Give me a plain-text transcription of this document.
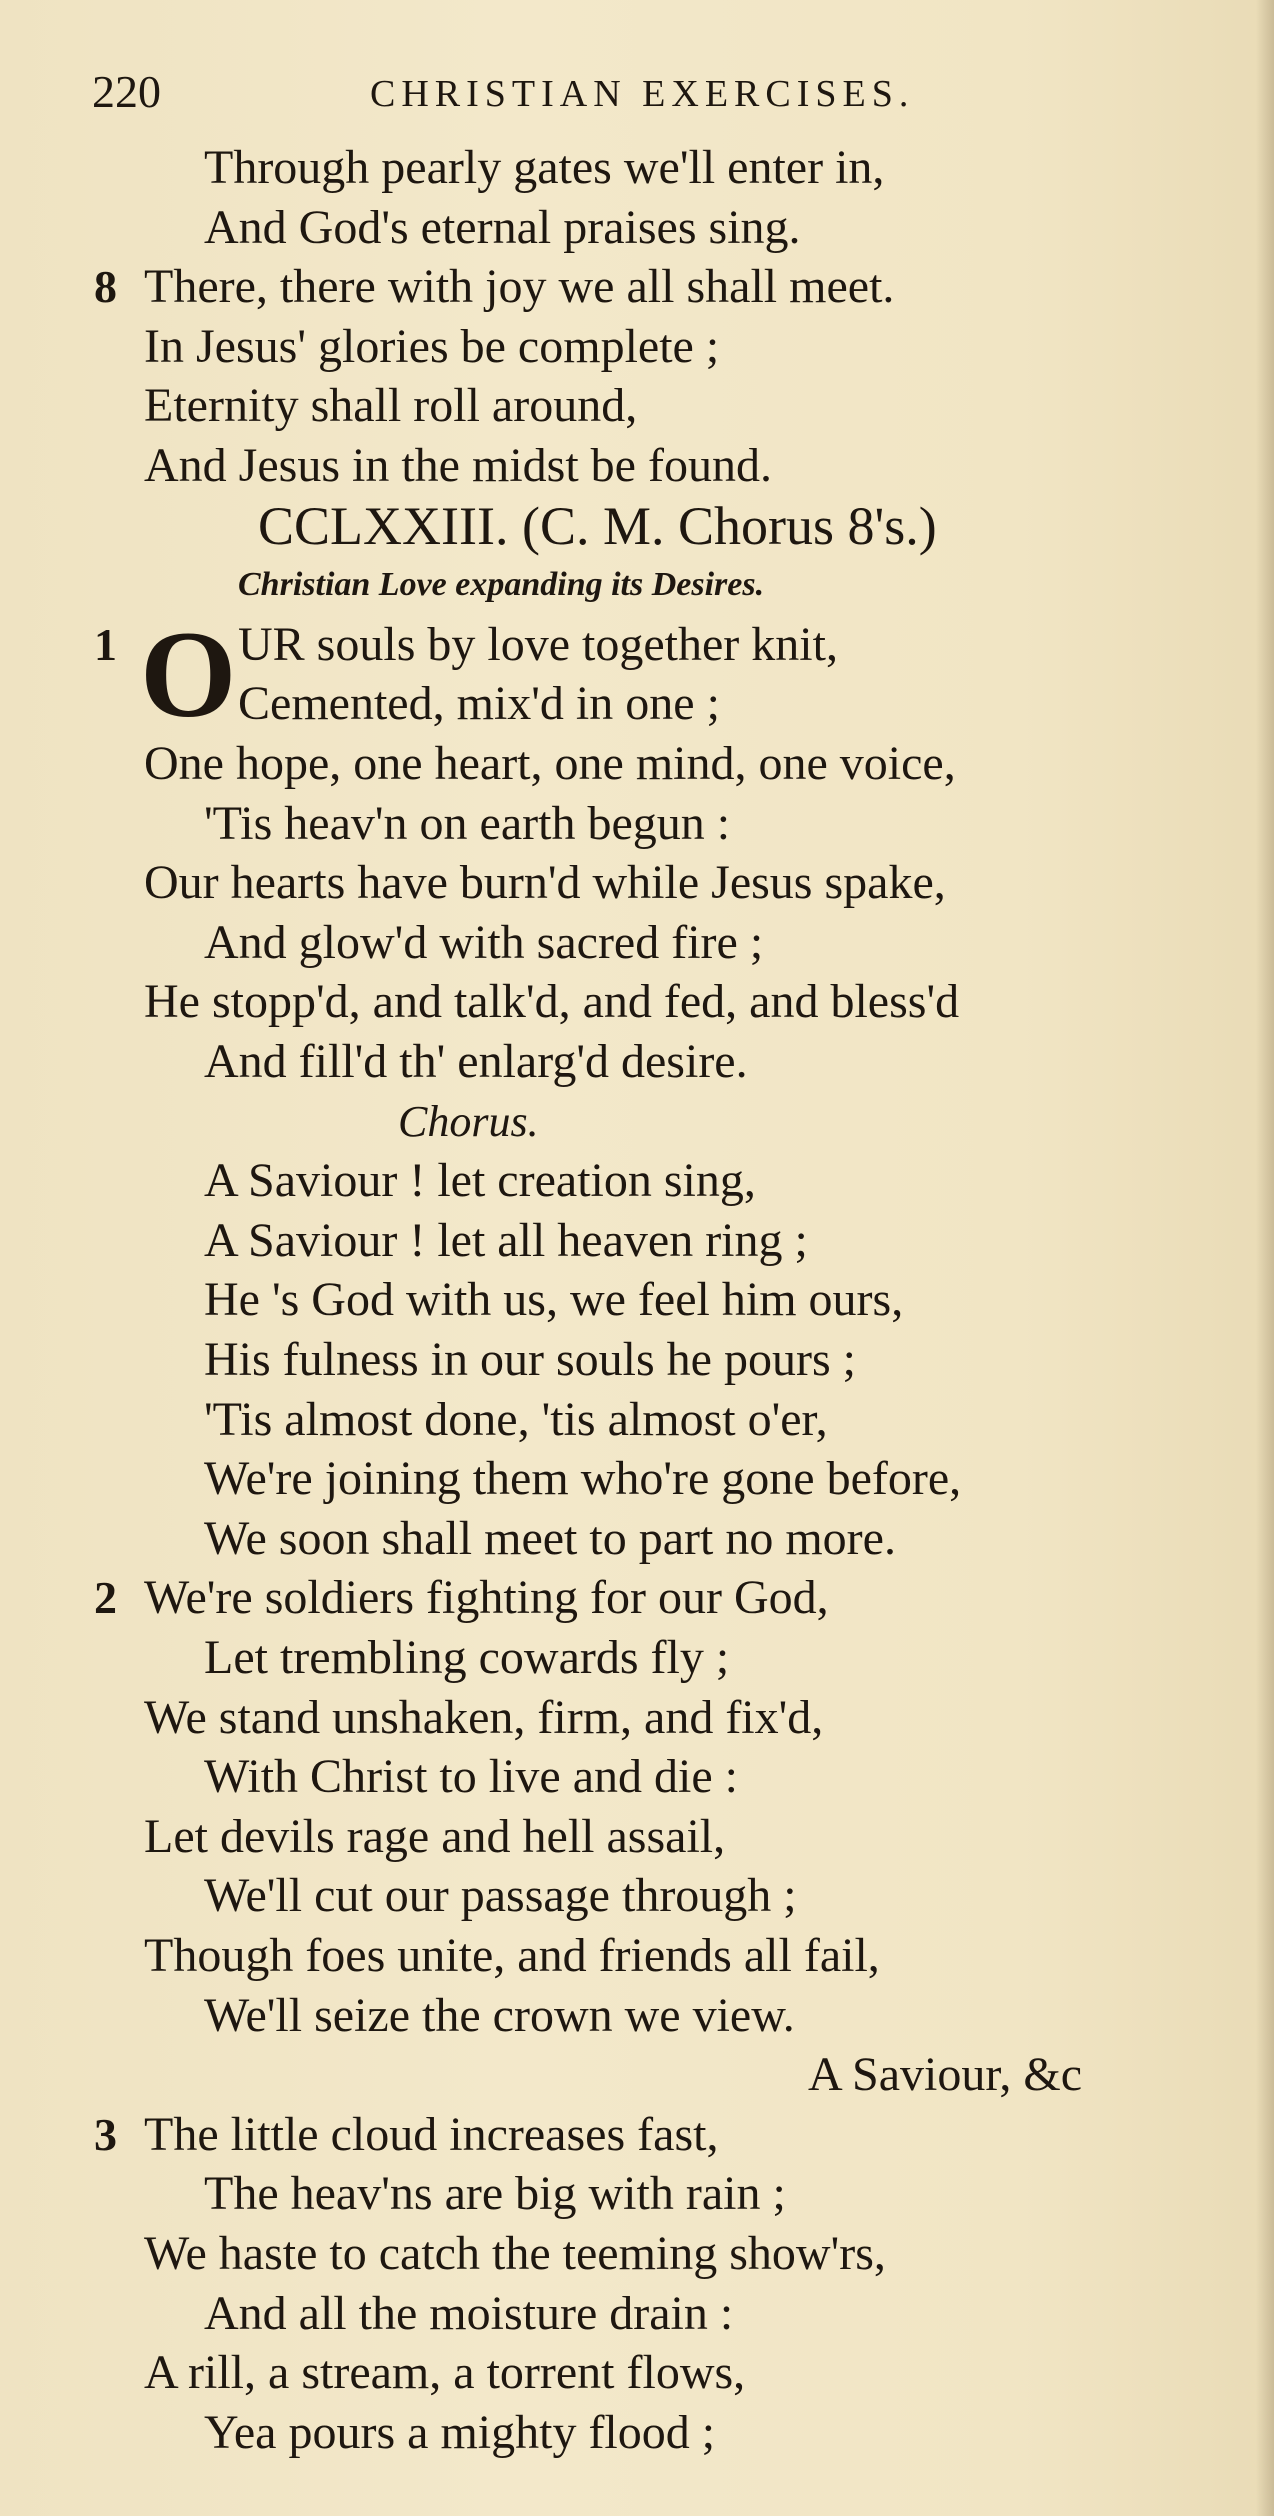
220	CHRISTIAN EXERCISES.
Through pearly gates we'll enter in,
And God's eternal praises sing.
8 There, there with joy we all shall meet.
In Jesus' glories be complete ;
Eternity shall roll around,
And Jesus in the midst be found.
CCLXXIII. (C. M. Chorus 8's.)
Christian Love expanding its Desires.
1 O UR souls by love together knit,
Cemented, mix'd in one ;
One hope, one heart, one mind, one voice,
'Tis heav'n on earth begun :
Our hearts have burn'd while Jesus spake,
And glow'd with sacred fire ;
He stopp'd, and talk'd, and fed, and bless'd
And fill'd th' enlarg'd desire.
Chorus.
A Saviour ! let creation sing,
A Saviour ! let all heaven ring ;
He 's God with us, we feel him ours,
His fulness in our souls he pours ;
'Tis almost done, 'tis almost o'er,
We're joining them who're gone before,
We soon shall meet to part no more.
2 We're soldiers fighting for our God,
Let trembling cowards fly ;
We stand unshaken, firm, and fix'd,
With Christ to live and die :
Let devils rage and hell assail,
We'll cut our passage through ;
Though foes unite, and friends all fail,
We'll seize the crown we view.
A Saviour, &c
3 The little cloud increases fast,
The heav'ns are big with rain ;
We haste to catch the teeming show'rs,
And all the moisture drain :
A rill, a stream, a torrent flows,
Yea pours a mighty flood ;
